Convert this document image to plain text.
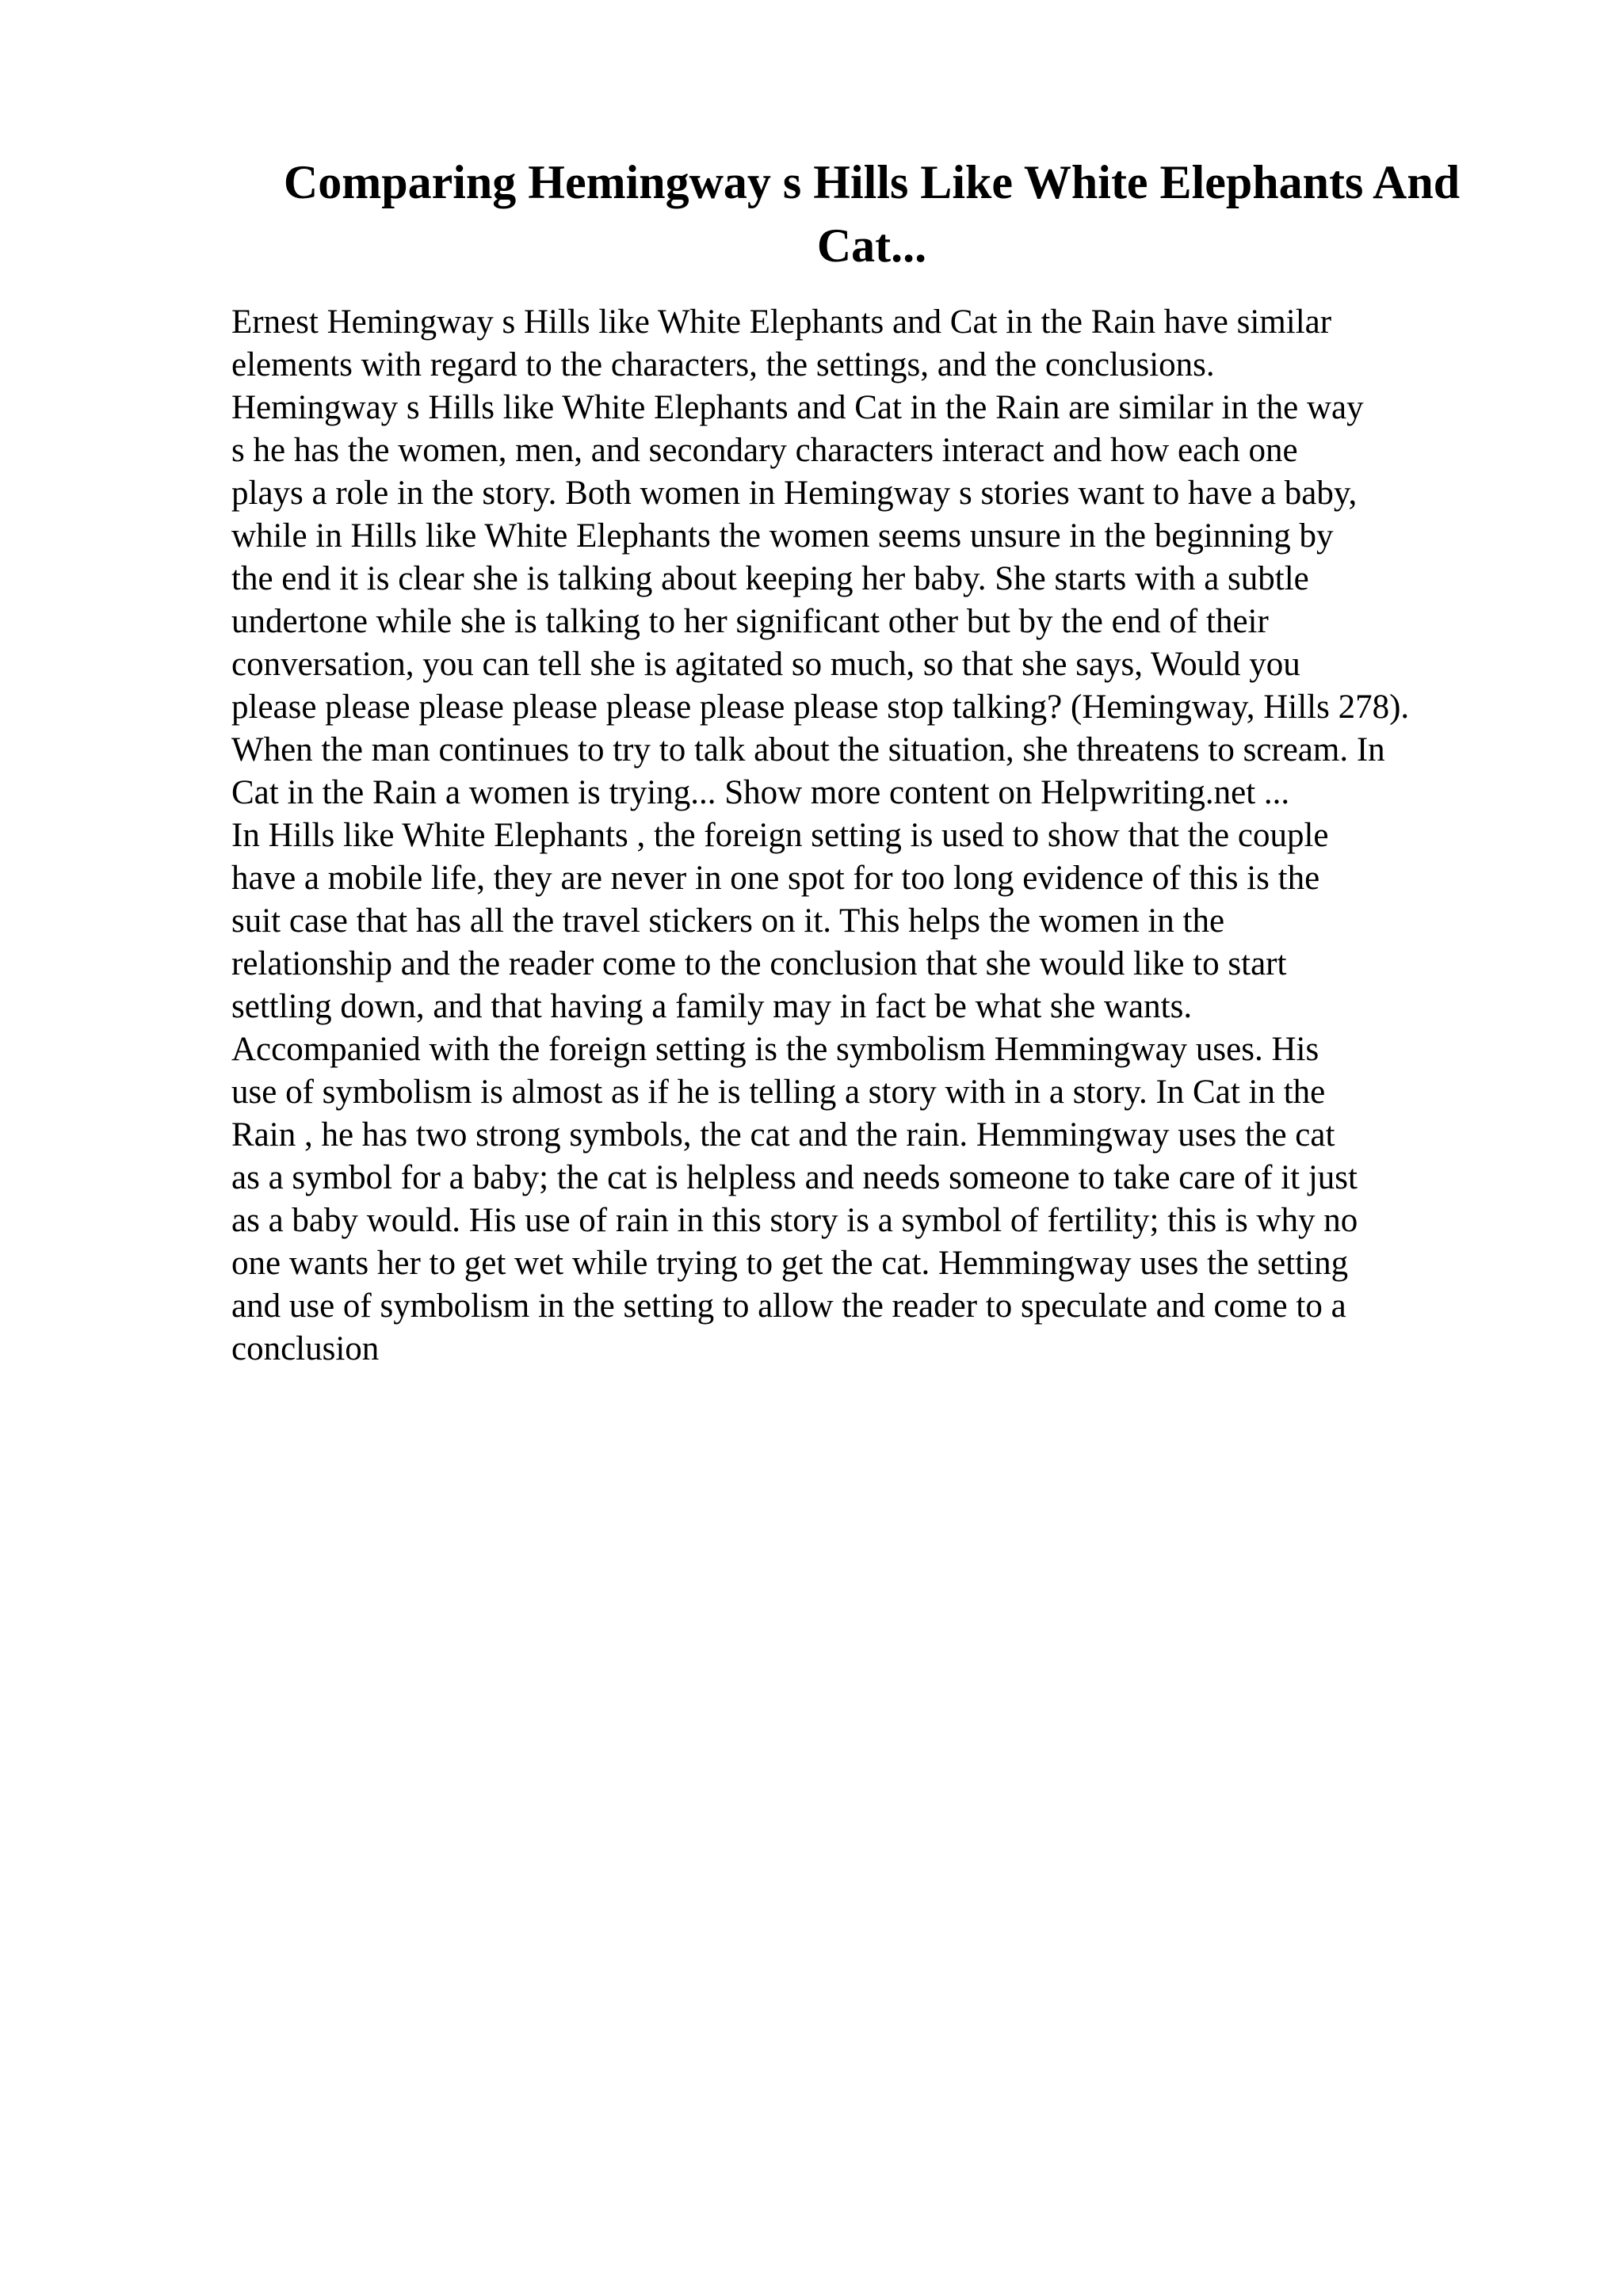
Comparing Hemingway s Hills Like White Elephants And
Cat...
Ernest Hemingway s Hills like White Elephants and Cat in the Rain have similar
elements with regard to the characters, the settings, and the conclusions.
Hemingway s Hills like White Elephants and Cat in the Rain are similar in the way
s he has the women, men, and secondary characters interact and how each one
plays a role in the story. Both women in Hemingway s stories want to have a baby,
while in Hills like White Elephants the women seems unsure in the beginning by
the end it is clear she is talking about keeping her baby. She starts with a subtle
undertone while she is talking to her significant other but by the end of their
conversation, you can tell she is agitated so much, so that she says, Would you
please please please please please please please stop talking? (Hemingway, Hills 278).
When the man continues to try to talk about the situation, she threatens to scream. In
Cat in the Rain a women is trying... Show more content on Helpwriting.net ...
In Hills like White Elephants , the foreign setting is used to show that the couple
have a mobile life, they are never in one spot for too long evidence of this is the
suit case that has all the travel stickers on it. This helps the women in the
relationship and the reader come to the conclusion that she would like to start
settling down, and that having a family may in fact be what she wants.
Accompanied with the foreign setting is the symbolism Hemmingway uses. His
use of symbolism is almost as if he is telling a story with in a story. In Cat in the
Rain , he has two strong symbols, the cat and the rain. Hemmingway uses the cat
as a symbol for a baby; the cat is helpless and needs someone to take care of it just
as a baby would. His use of rain in this story is a symbol of fertility; this is why no
one wants her to get wet while trying to get the cat. Hemmingway uses the setting
and use of symbolism in the setting to allow the reader to speculate and come to a
conclusion
